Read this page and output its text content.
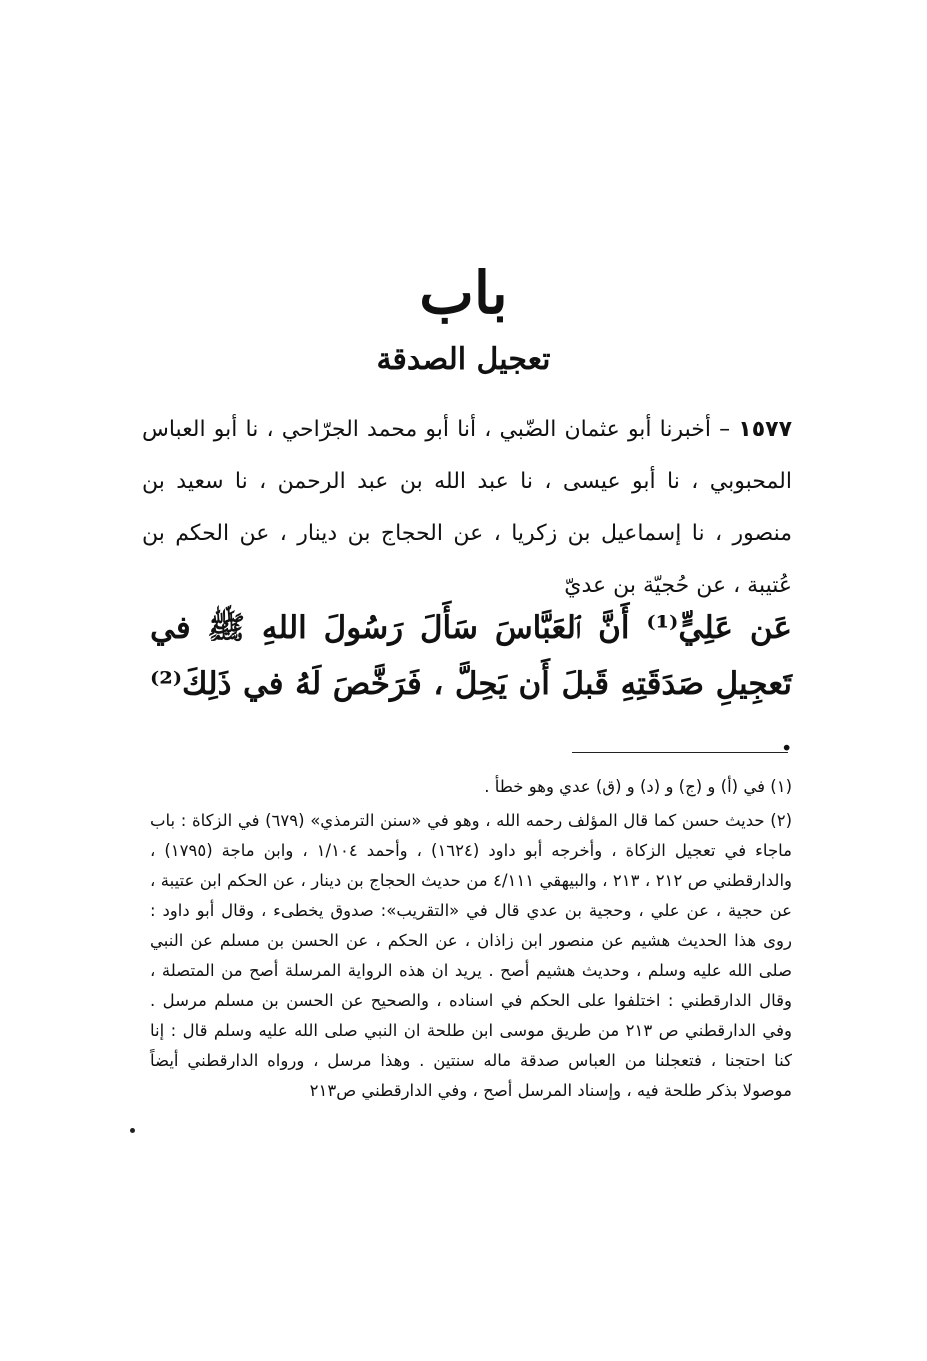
باب
تعجيل الصدقة
١٥٧٧ – أخبرنا أبو عثمان الضّبي ، أنا أبو محمد الجرّاحي ، نا أبو العباس المحبوبي ، نا أبو عيسى ، نا عبد الله بن عبد الرحمن ، نا سعيد بن منصور ، نا إسماعيل بن زكريا ، عن الحجاج بن دينار ، عن الحكم بن عُتيبة ، عن حُجيّة بن عديّ
عَن عَلِيٍّ⁽¹⁾ أَنَّ ٱلعَبَّاسَ سَأَلَ رَسُولَ اللهِ ﷺ في تَعجِيلِ صَدَقَتِهِ قَبلَ أَن يَحِلَّ ، فَرَخَّصَ لَهُ في ذَلِكَ⁽²⁾ .

(١) في (أ) و (ج) و (د) و (ق) عدي وهو خطأ .

(٢) حديث حسن كما قال المؤلف رحمه الله ، وهو في «سنن الترمذي» (٦٧٩) في الزكاة : باب ماجاء في تعجيل الزكاة ، وأخرجه أبو داود (١٦٢٤) ، وأحمد ١/١٠٤ ، وابن ماجة (١٧٩٥) ، والدارقطني ص ٢١٢ ، ٢١٣ ، والبيهقي ٤/١١١ من حديث الحجاج بن دينار ، عن الحكم ابن عتيبة ، عن حجية ، عن علي ، وحجية بن عدي قال في «التقريب»: صدوق يخطىء ، وقال أبو داود : روى هذا الحديث هشيم عن منصور ابن زاذان ، عن الحكم ، عن الحسن بن مسلم عن النبي صلى الله عليه وسلم ، وحديث هشيم أصح . يريد ان هذه الرواية المرسلة أصح من المتصلة ، وقال الدارقطني : اختلفوا على الحكم في اسناده ، والصحيح عن الحسن بن مسلم مرسل . وفي الدارقطني ص ٢١٣ من طريق موسى ابن طلحة ان النبي صلى الله عليه وسلم قال : إنا كنا احتجنا ، فتعجلنا من العباس صدقة ماله سنتين . وهذا مرسل ، ورواه الدارقطني أيضاً موصولا بذكر طلحة فيه ، وإسناد المرسل أصح ، وفي الدارقطني ص٢١٣
